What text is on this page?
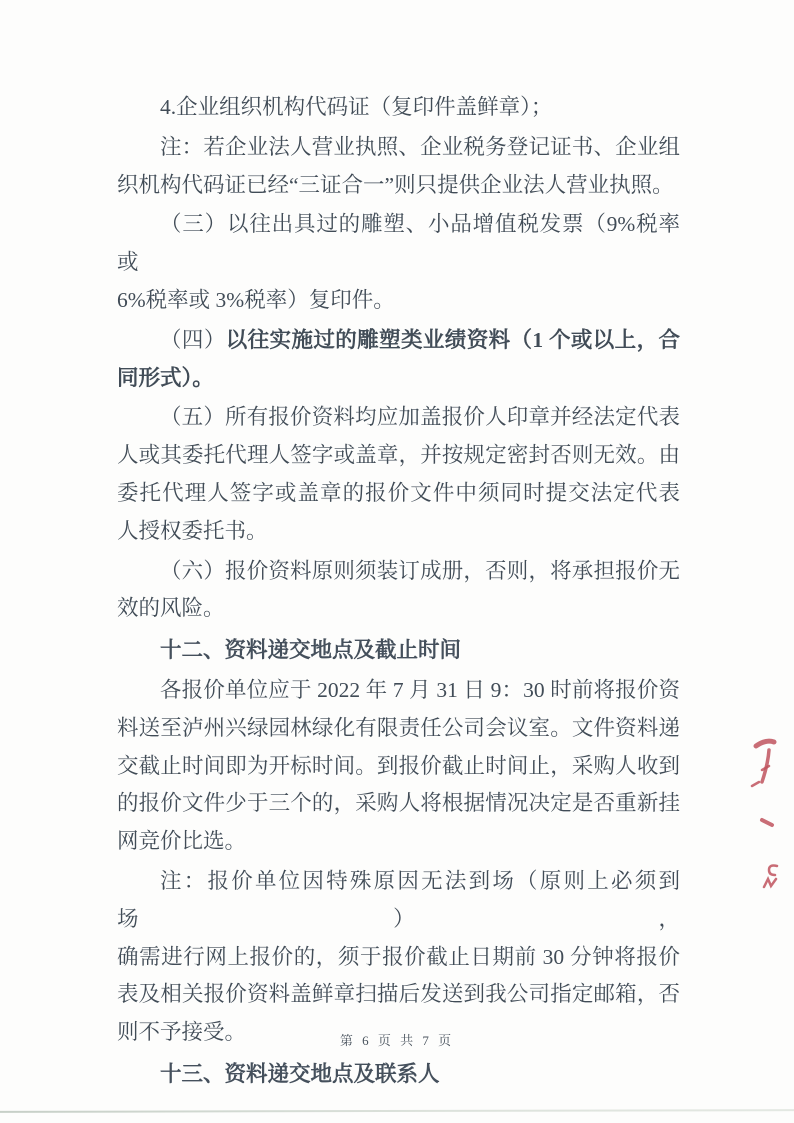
4.企业组织机构代码证（复印件盖鲜章）；
注：若企业法人营业执照、企业税务登记证书、企业组
织机构代码证已经“三证合一”则只提供企业法人营业执照。
（三）以往出具过的雕塑、小品增值税发票（9%税率或
6%税率或 3%税率）复印件。
（四）以往实施过的雕塑类业绩资料（1 个或以上，合
同形式）。
（五）所有报价资料均应加盖报价人印章并经法定代表
人或其委托代理人签字或盖章，并按规定密封否则无效。由
委托代理人签字或盖章的报价文件中须同时提交法定代表
人授权委托书。
（六）报价资料原则须装订成册，否则，将承担报价无
效的风险。
十二、资料递交地点及截止时间
各报价单位应于 2022 年 7 月 31 日 9：30 时前将报价资
料送至泸州兴绿园林绿化有限责任公司会议室。文件资料递
交截止时间即为开标时间。到报价截止时间止，采购人收到
的报价文件少于三个的，采购人将根据情况决定是否重新挂
网竞价比选。
注：报价单位因特殊原因无法到场（原则上必须到场），
确需进行网上报价的，须于报价截止日期前 30 分钟将报价
表及相关报价资料盖鲜章扫描后发送到我公司指定邮箱，否
则不予接受。
十三、资料递交地点及联系人
第 6 页 共 7 页
